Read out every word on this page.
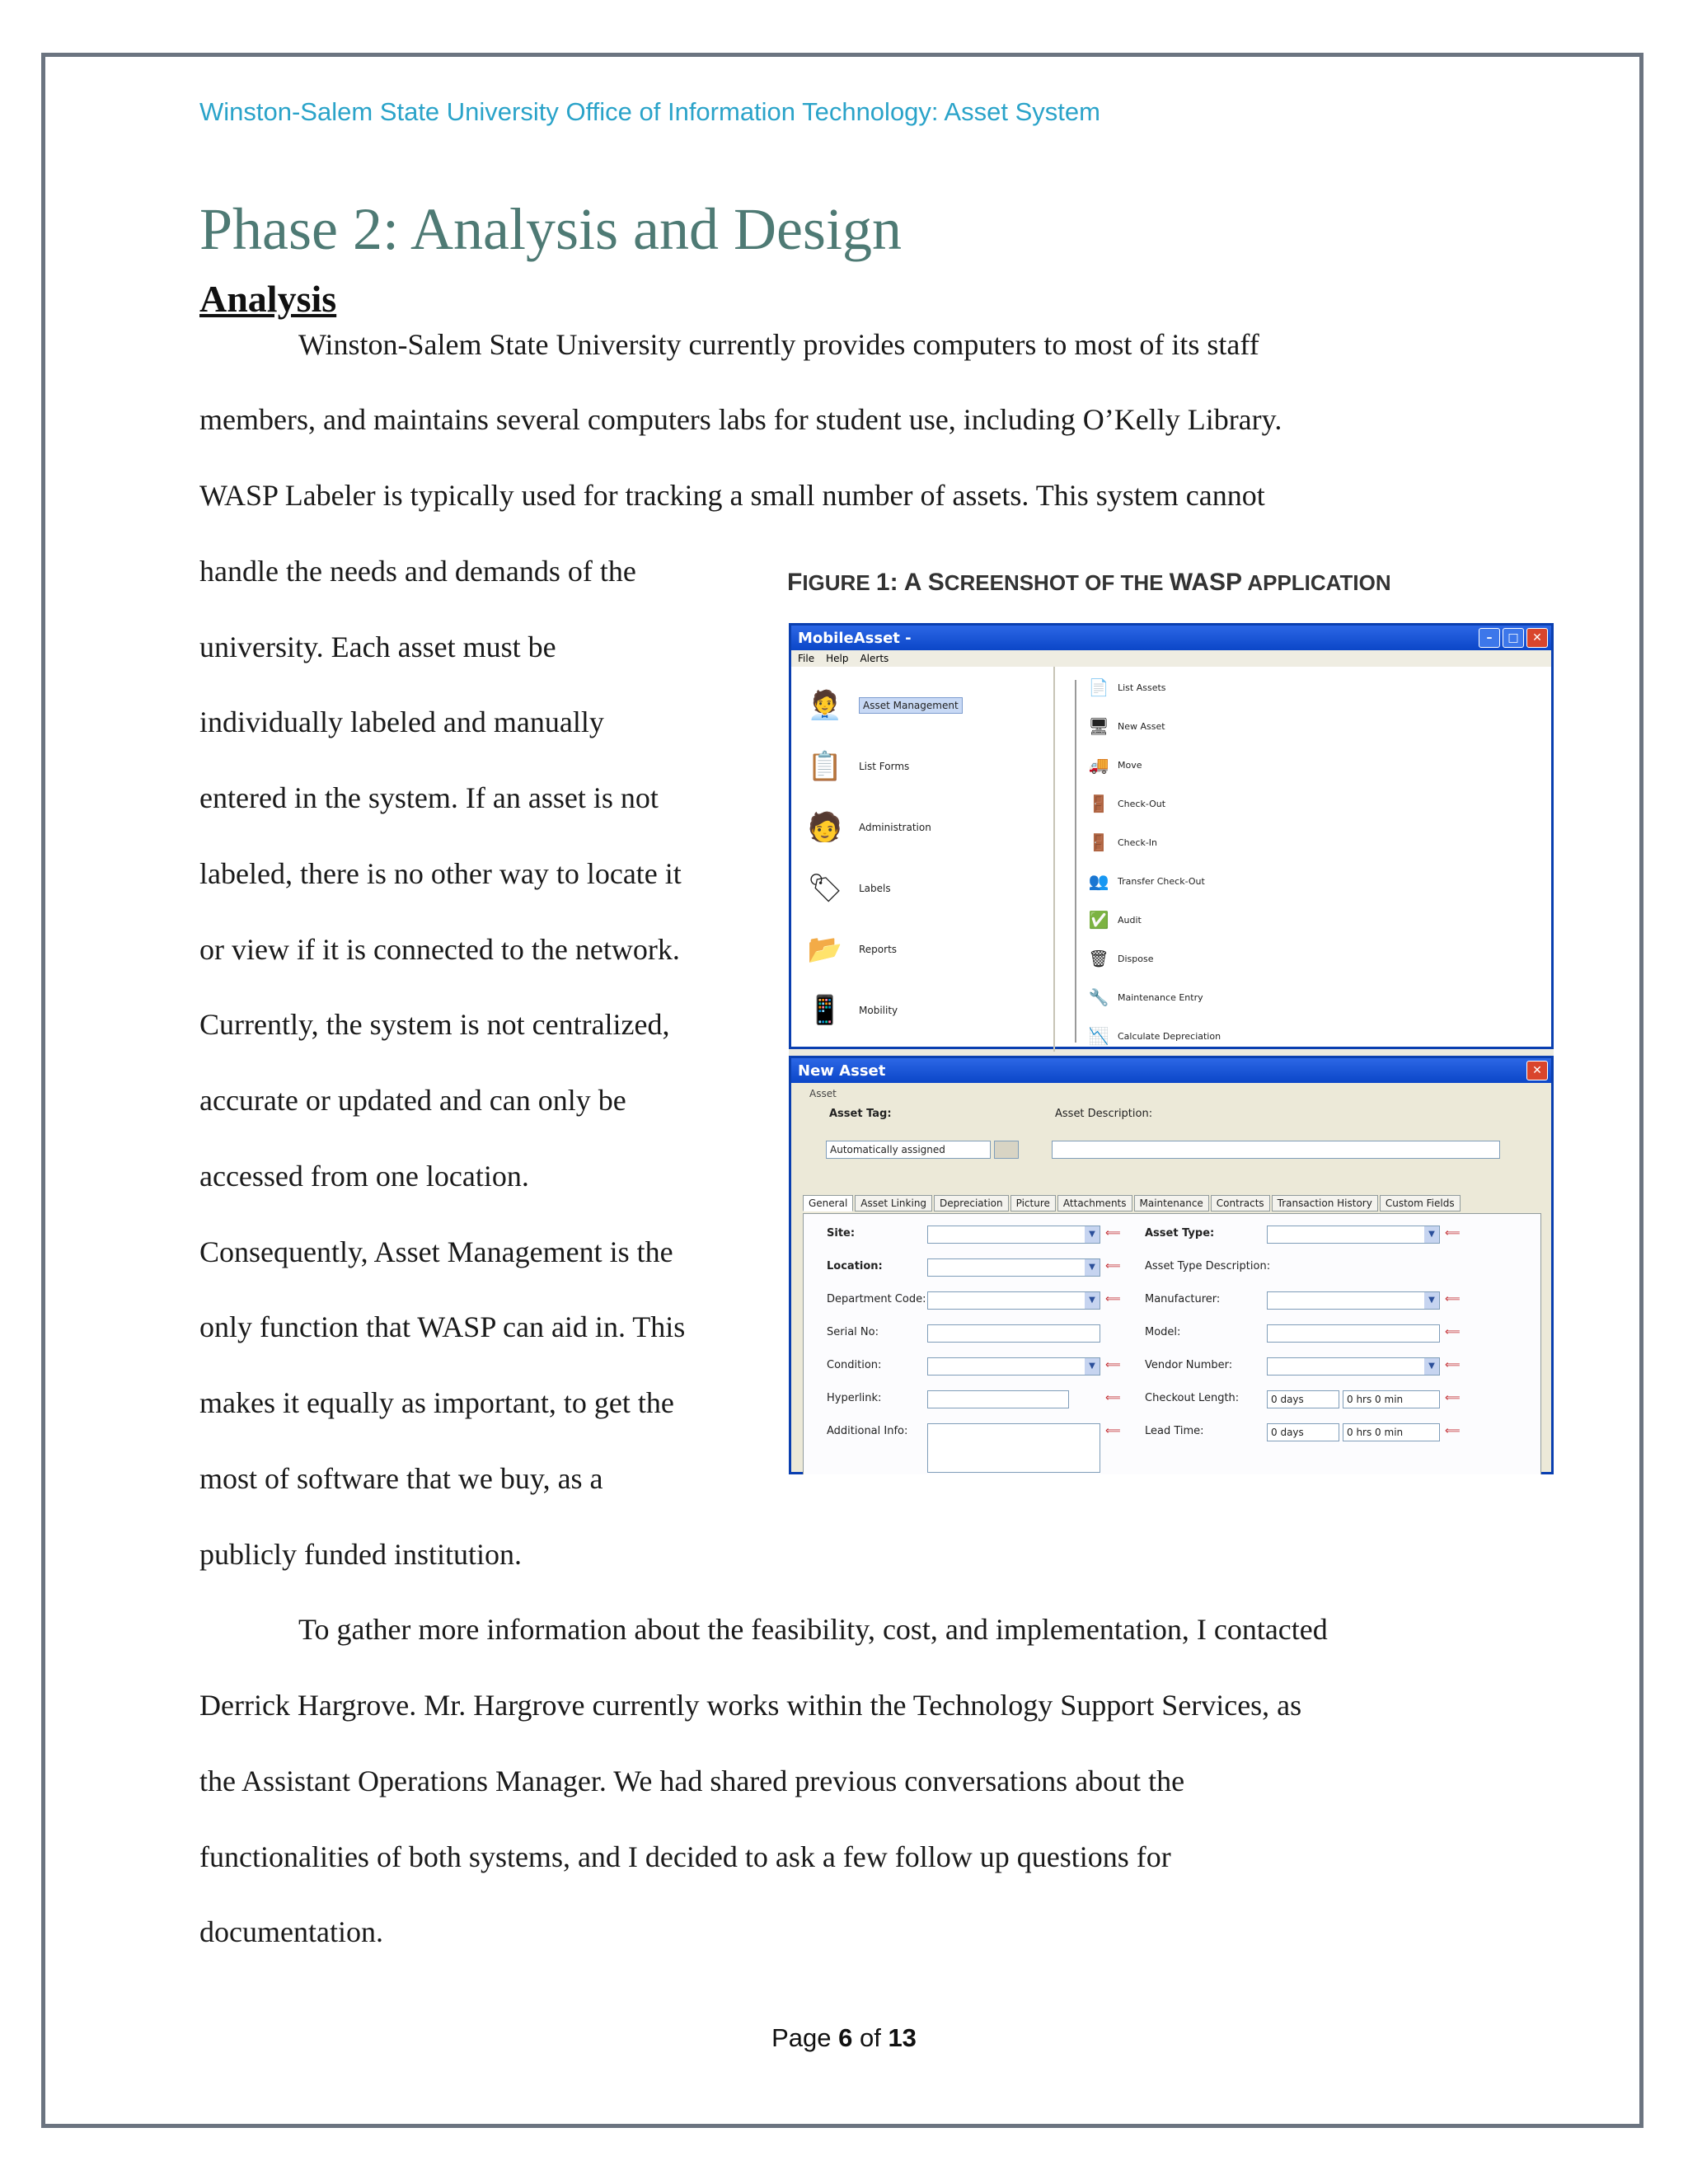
Winston-Salem State University Office of Information Technology: Asset System
Phase 2: Analysis and Design
Analysis
Winston-Salem State University currently provides computers to most of its staff
members, and maintains several computers labs for student use, including O’Kelly Library.
WASP Labeler is typically used for tracking a small number of assets. This system cannot
handle the needs and demands of the
university. Each asset must be
individually labeled and manually
entered in the system. If an asset is not
labeled, there is no other way to locate it
or view if it is connected to the network.
Currently, the system is not centralized,
accurate or updated and can only be
accessed from one location.
Consequently, Asset Management is the
only function that WASP can aid in. This
makes it equally as important, to get the
most of software that we buy, as a
publicly funded institution.
To gather more information about the feasibility, cost, and implementation, I contacted
Derrick Hargrove. Mr. Hargrove currently works within the Technology Support Services, as
the Assistant Operations Manager. We had shared previous conversations about the
functionalities of both systems, and I decided to ask a few follow up questions for
documentation.
FIGURE 1: A SCREENSHOT OF THE WASP APPLICATION
MobileAsset -	–	□	✕
File Help Alerts
🧑‍💼	Asset Management
📋	List Forms
🧑	Administration
🏷	Labels
📂	Reports
📱	Mobility
📄 List Assets
🖥 New Asset
🚚 Move
🚪 Check-Out
🚪 Check-In
👥 Transfer Check-Out
✅ Audit
🗑 Dispose
🔧 Maintenance Entry
📉 Calculate Depreciation
New Asset	✕
Asset
Asset Tag:
Automatically assigned
Asset Description:
General	Asset Linking	Depreciation	Picture	Attachments	Maintenance	Contracts	Transaction History	Custom Fields
Site:	▼ ⟸
Location:	▼ ⟸
Department Code:	▼ ⟸
Serial No:
Condition:	▼ ⟸
Hyperlink:	⟸
Additional Info:	⟸
Asset Type:	▼ ⟸
Asset Type Description:
Manufacturer:	▼ ⟸
Model:	⟸
Vendor Number:	▼ ⟸
Checkout Length:	0 days	0 hrs 0 min	⟸
Lead Time:	0 days	0 hrs 0 min	⟸
Page 6 of 13
